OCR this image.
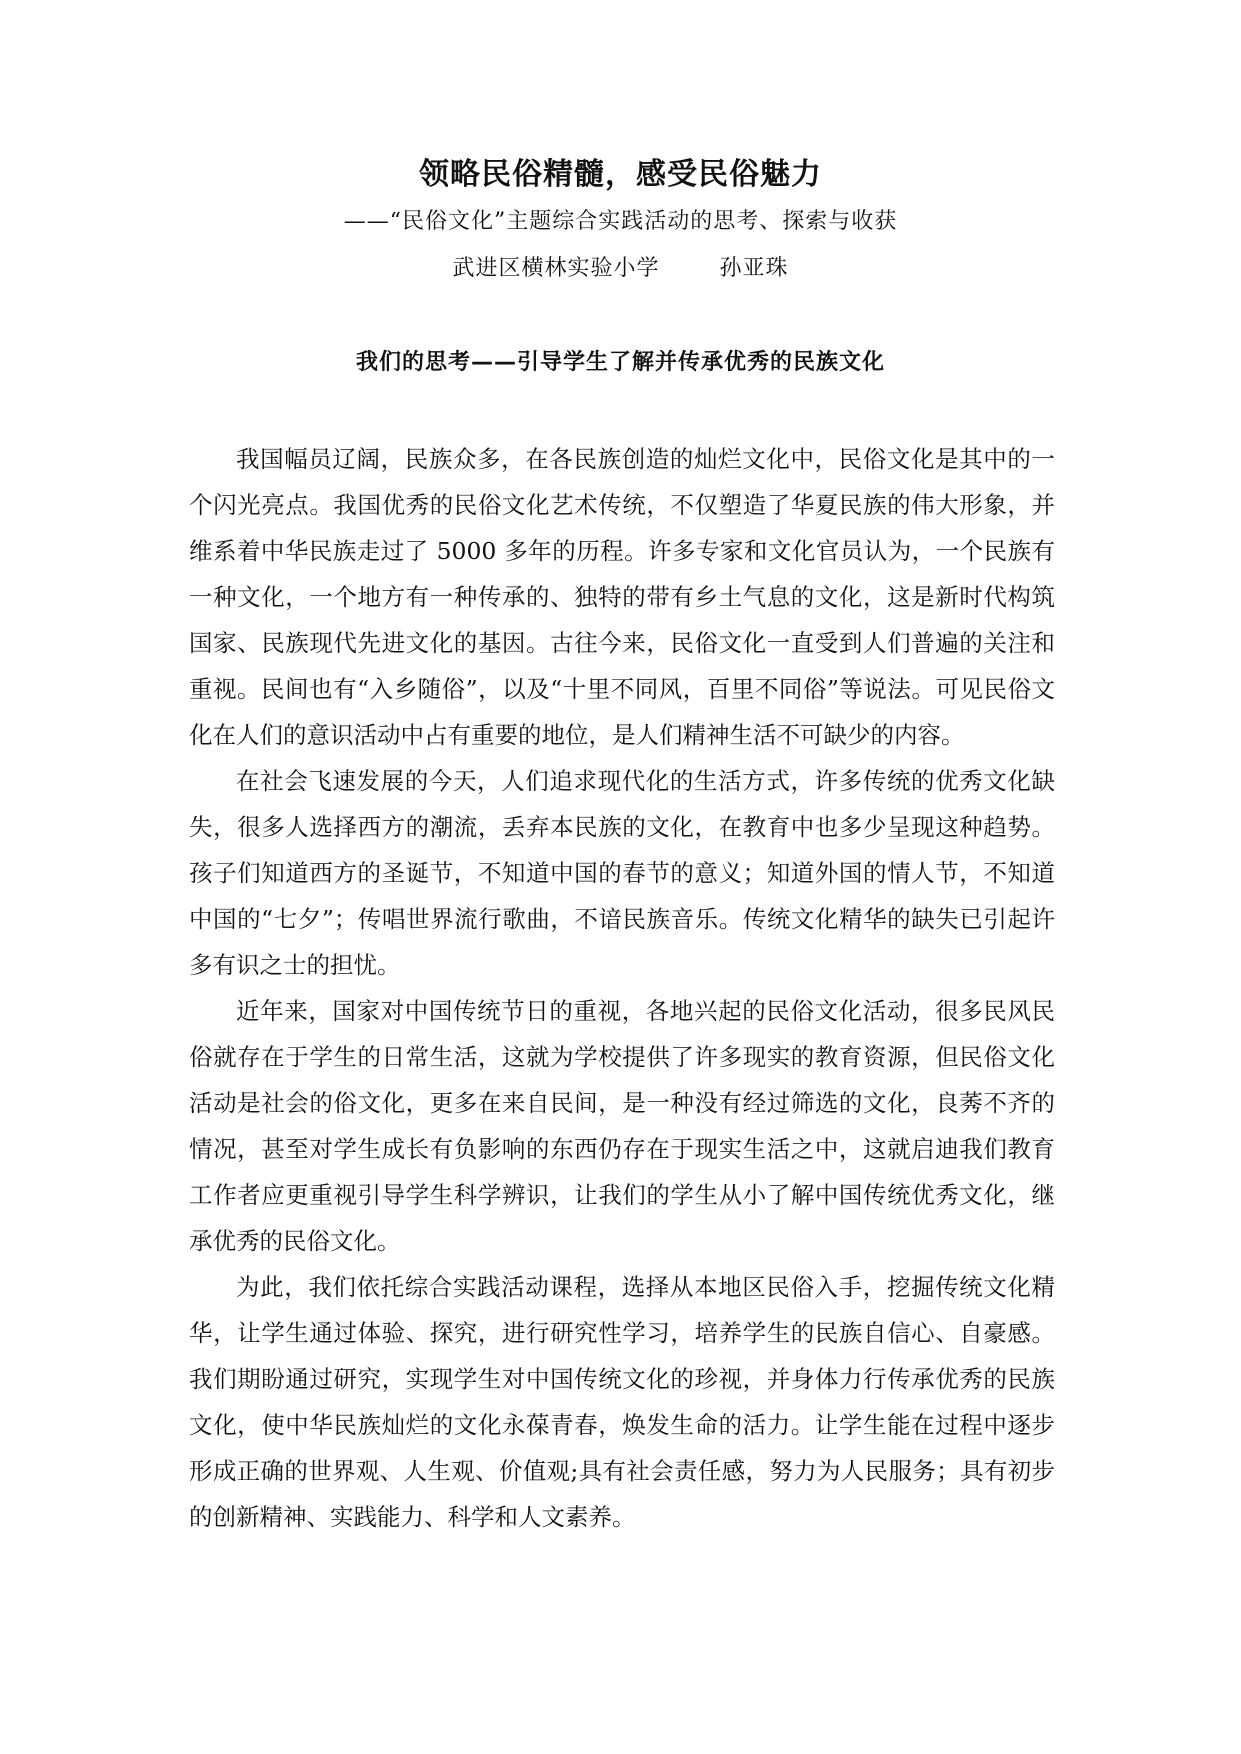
领略民俗精髓，感受民俗魅力
——“民俗文化”主题综合实践活动的思考、探索与收获
武进区横林实验小学	孙亚珠
我们的思考——引导学生了解并传承优秀的民族文化

我国幅员辽阔，民族众多，在各民族创造的灿烂文化中，民俗文化是其中的一个闪光亮点。我国优秀的民俗文化艺术传统，不仅塑造了华夏民族的伟大形象，并维系着中华民族走过了 5000 多年的历程。许多专家和文化官员认为，一个民族有一种文化，一个地方有一种传承的、独特的带有乡土气息的文化，这是新时代构筑国家、民族现代先进文化的基因。古往今来，民俗文化一直受到人们普遍的关注和重视。民间也有“入乡随俗”，以及“十里不同风，百里不同俗”等说法。可见民俗文化在人们的意识活动中占有重要的地位，是人们精神生活不可缺少的内容。

在社会飞速发展的今天，人们追求现代化的生活方式，许多传统的优秀文化缺失，很多人选择西方的潮流，丢弃本民族的文化，在教育中也多少呈现这种趋势。孩子们知道西方的圣诞节，不知道中国的春节的意义；知道外国的情人节，不知道中国的“七夕”；传唱世界流行歌曲，不谙民族音乐。传统文化精华的缺失已引起许多有识之士的担忧。

近年来，国家对中国传统节日的重视，各地兴起的民俗文化活动，很多民风民俗就存在于学生的日常生活，这就为学校提供了许多现实的教育资源，但民俗文化活动是社会的俗文化，更多在来自民间，是一种没有经过筛选的文化，良莠不齐的情况，甚至对学生成长有负影响的东西仍存在于现实生活之中，这就启迪我们教育工作者应更重视引导学生科学辨识，让我们的学生从小了解中国传统优秀文化，继承优秀的民俗文化。

为此，我们依托综合实践活动课程，选择从本地区民俗入手，挖掘传统文化精华，让学生通过体验、探究，进行研究性学习，培养学生的民族自信心、自豪感。我们期盼通过研究，实现学生对中国传统文化的珍视，并身体力行传承优秀的民族文化，使中华民族灿烂的文化永葆青春，焕发生命的活力。让学生能在过程中逐步形成正确的世界观、人生观、价值观;具有社会责任感，努力为人民服务；具有初步的创新精神、实践能力、科学和人文素养。
